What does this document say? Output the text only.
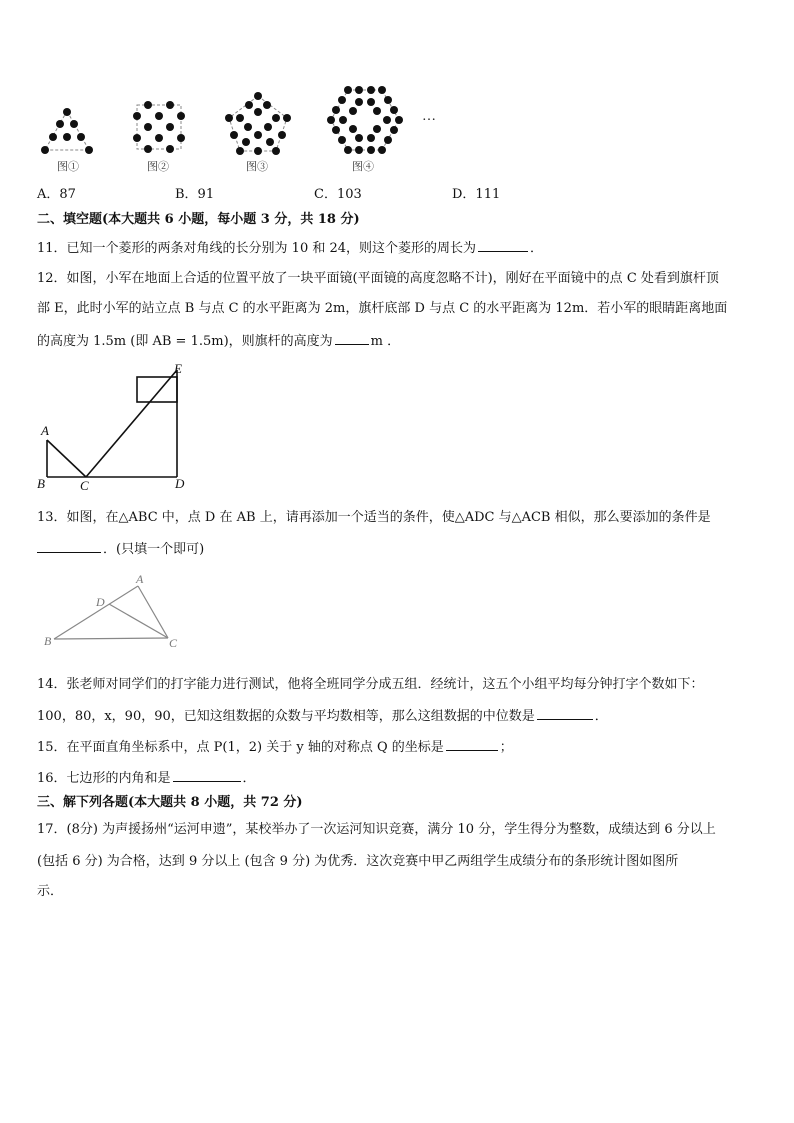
…
图①	图②	图③	图④
A．87	B．91	C．103	D．111
二、填空题(本大题共 6 小题，每小题 3 分，共 18 分)
11．已知一个菱形的两条对角线的长分别为 10 和 24，则这个菱形的周长为	．
12．如图，小军在地面上合适的位置平放了一块平面镜(平面镜的高度忽略不计)，刚好在平面镜中的点 C 处看到旗杆顶
部 E，此时小军的站立点 B 与点 C 的水平距离为 2m，旗杆底部 D 与点 C 的水平距离为 12m．若小军的眼睛距离地面
的高度为 1.5m (即 AB = 1.5m)，则旗杆的高度为	m ．
A
B	C	D
E
13．如图，在△ABC 中，点 D 在 AB 上，请再添加一个适当的条件，使△ADC 与△ACB 相似，那么要添加的条件是
．(只填一个即可)
A
B	C
D
14．张老师对同学们的打字能力进行测试，他将全班同学分成五组．经统计，这五个小组平均每分钟打字个数如下：
100，80，x，90，90，已知这组数据的众数与平均数相等，那么这组数据的中位数是	．
15．在平面直角坐标系中，点 P(1，2) 关于 y 轴的对称点 Q 的坐标是	；
16．七边形的内角和是	．
三、解下列各题(本大题共 8 小题，共 72 分)
17．(8分) 为声援扬州“运河申遗”，某校举办了一次运河知识竞赛，满分 10 分，学生得分为整数，成绩达到 6 分以上
(包括 6 分) 为合格，达到 9 分以上 (包含 9 分) 为优秀．这次竞赛中甲乙两组学生成绩分布的条形统计图如图所
示．
